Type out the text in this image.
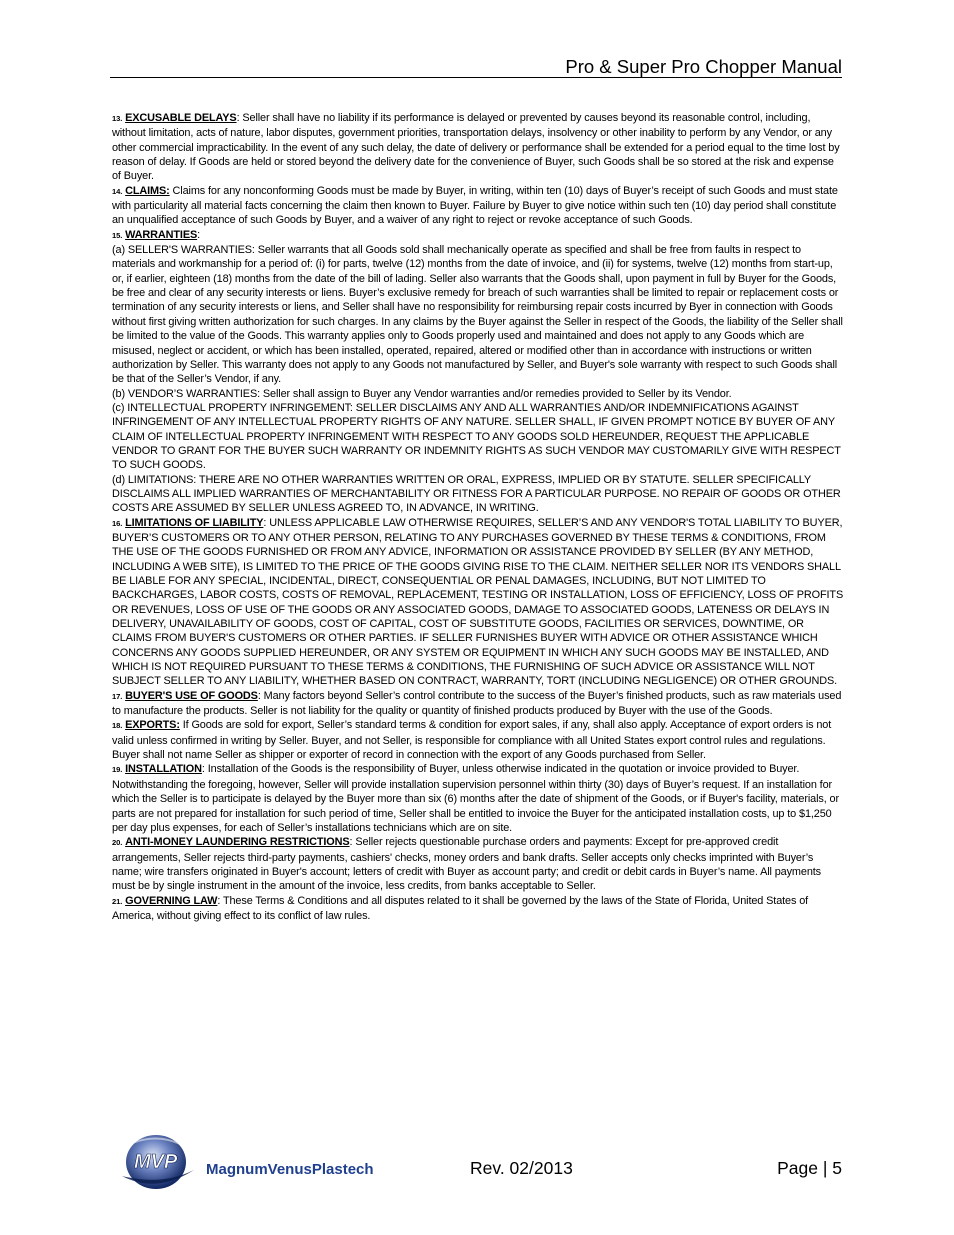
Pro & Super Pro Chopper Manual

13. EXCUSABLE DELAYS: Seller shall have no liability if its performance is delayed or prevented by causes beyond its reasonable control, including, without limitation, acts of nature, labor disputes, government priorities, transportation delays, insolvency or other inability to perform by any Vendor, or any other commercial impracticability. In the event of any such delay, the date of delivery or performance shall be extended for a period equal to the time lost by reason of delay. If Goods are held or stored beyond the delivery date for the convenience of Buyer, such Goods shall be so stored at the risk and expense of Buyer.

14. CLAIMS: Claims for any nonconforming Goods must be made by Buyer, in writing, within ten (10) days of Buyer’s receipt of such Goods and must state with particularity all material facts concerning the claim then known to Buyer. Failure by Buyer to give notice within such ten (10) day period shall constitute an unqualified acceptance of such Goods by Buyer, and a waiver of any right to reject or revoke acceptance of such Goods.

15. WARRANTIES:

(a) SELLER'S WARRANTIES: Seller warrants that all Goods sold shall mechanically operate as specified and shall be free from faults in respect to materials and workmanship for a period of: (i) for parts, twelve (12) months from the date of invoice, and (ii) for systems, twelve (12) months from start-up, or, if earlier, eighteen (18) months from the date of the bill of lading. Seller also warrants that the Goods shall, upon payment in full by Buyer for the Goods, be free and clear of any security interests or liens. Buyer’s exclusive remedy for breach of such warranties shall be limited to repair or replacement costs or termination of any security interests or liens, and Seller shall have no responsibility for reimbursing repair costs incurred by Byer in connection with Goods without first giving written authorization for such charges. In any claims by the Buyer against the Seller in respect of the Goods, the liability of the Seller shall be limited to the value of the Goods. This warranty applies only to Goods properly used and maintained and does not apply to any Goods which are misused, neglect or accident, or which has been installed, operated, repaired, altered or modified other than in accordance with instructions or written authorization by Seller. This warranty does not apply to any Goods not manufactured by Seller, and Buyer's sole warranty with respect to such Goods shall be that of the Seller’s Vendor, if any.

(b) VENDOR’S WARRANTIES: Seller shall assign to Buyer any Vendor warranties and/or remedies provided to Seller by its Vendor.

(c) INTELLECTUAL PROPERTY INFRINGEMENT: SELLER DISCLAIMS ANY AND ALL WARRANTIES AND/OR INDEMNIFICATIONS AGAINST INFRINGEMENT OF ANY INTELLECTUAL PROPERTY RIGHTS OF ANY NATURE. SELLER SHALL, IF GIVEN PROMPT NOTICE BY BUYER OF ANY CLAIM OF INTELLECTUAL PROPERTY INFRINGEMENT WITH RESPECT TO ANY GOODS SOLD HEREUNDER, REQUEST THE APPLICABLE VENDOR TO GRANT FOR THE BUYER SUCH WARRANTY OR INDEMNITY RIGHTS AS SUCH VENDOR MAY CUSTOMARILY GIVE WITH RESPECT TO SUCH GOODS.

(d) LIMITATIONS: THERE ARE NO OTHER WARRANTIES WRITTEN OR ORAL, EXPRESS, IMPLIED OR BY STATUTE. SELLER SPECIFICALLY DISCLAIMS ALL IMPLIED WARRANTIES OF MERCHANTABILITY OR FITNESS FOR A PARTICULAR PURPOSE. NO REPAIR OF GOODS OR OTHER COSTS ARE ASSUMED BY SELLER UNLESS AGREED TO, IN ADVANCE, IN WRITING.

16. LIMITATIONS OF LIABILITY: UNLESS APPLICABLE LAW OTHERWISE REQUIRES, SELLER’S AND ANY VENDOR'S TOTAL LIABILITY TO BUYER, BUYER’S CUSTOMERS OR TO ANY OTHER PERSON, RELATING TO ANY PURCHASES GOVERNED BY THESE TERMS & CONDITIONS, FROM THE USE OF THE GOODS FURNISHED OR FROM ANY ADVICE, INFORMATION OR ASSISTANCE PROVIDED BY SELLER (BY ANY METHOD, INCLUDING A WEB SITE), IS LIMITED TO THE PRICE OF THE GOODS GIVING RISE TO THE CLAIM. NEITHER SELLER NOR ITS VENDORS SHALL BE LIABLE FOR ANY SPECIAL, INCIDENTAL, DIRECT, CONSEQUENTIAL OR PENAL DAMAGES, INCLUDING, BUT NOT LIMITED TO BACKCHARGES, LABOR COSTS, COSTS OF REMOVAL, REPLACEMENT, TESTING OR INSTALLATION, LOSS OF EFFICIENCY, LOSS OF PROFITS OR REVENUES, LOSS OF USE OF THE GOODS OR ANY ASSOCIATED GOODS, DAMAGE TO ASSOCIATED GOODS, LATENESS OR DELAYS IN DELIVERY, UNAVAILABILITY OF GOODS, COST OF CAPITAL, COST OF SUBSTITUTE GOODS, FACILITIES OR SERVICES, DOWNTIME, OR CLAIMS FROM BUYER'S CUSTOMERS OR OTHER PARTIES. IF SELLER FURNISHES BUYER WITH ADVICE OR OTHER ASSISTANCE WHICH CONCERNS ANY GOODS SUPPLIED HEREUNDER, OR ANY SYSTEM OR EQUIPMENT IN WHICH ANY SUCH GOODS MAY BE INSTALLED, AND WHICH IS NOT REQUIRED PURSUANT TO THESE TERMS & CONDITIONS, THE FURNISHING OF SUCH ADVICE OR ASSISTANCE WILL NOT SUBJECT SELLER TO ANY LIABILITY, WHETHER BASED ON CONTRACT, WARRANTY, TORT (INCLUDING NEGLIGENCE) OR OTHER GROUNDS.

17. BUYER'S USE OF GOODS: Many factors beyond Seller’s control contribute to the success of the Buyer’s finished products, such as raw materials used to manufacture the products. Seller is not liability for the quality or quantity of finished products produced by Buyer with the use of the Goods.

18. EXPORTS: If Goods are sold for export, Seller’s standard terms & condition for export sales, if any, shall also apply. Acceptance of export orders is not valid unless confirmed in writing by Seller. Buyer, and not Seller, is responsible for compliance with all United States export control rules and regulations. Buyer shall not name Seller as shipper or exporter of record in connection with the export of any Goods purchased from Seller.

19. INSTALLATION: Installation of the Goods is the responsibility of Buyer, unless otherwise indicated in the quotation or invoice provided to Buyer. Notwithstanding the foregoing, however, Seller will provide installation supervision personnel within thirty (30) days of Buyer’s request. If an installation for which the Seller is to participate is delayed by the Buyer more than six (6) months after the date of shipment of the Goods, or if Buyer's facility, materials, or parts are not prepared for installation for such period of time, Seller shall be entitled to invoice the Buyer for the anticipated installation costs, up to $1,250 per day plus expenses, for each of Seller’s installations technicians which are on site.

20. ANTI-MONEY LAUNDERING RESTRICTIONS: Seller rejects questionable purchase orders and payments: Except for pre-approved credit arrangements, Seller rejects third-party payments, cashiers' checks, money orders and bank drafts. Seller accepts only checks imprinted with Buyer’s name; wire transfers originated in Buyer's account; letters of credit with Buyer as account party; and credit or debit cards in Buyer’s name. All payments must be by single instrument in the amount of the invoice, less credits, from banks acceptable to Seller.

21. GOVERNING LAW: These Terms & Conditions and all disputes related to it shall be governed by the laws of the State of Florida, United States of America, without giving effect to its conflict of law rules.

MVP MagnumVenusPlastech	Rev. 02/2013	Page | 5
